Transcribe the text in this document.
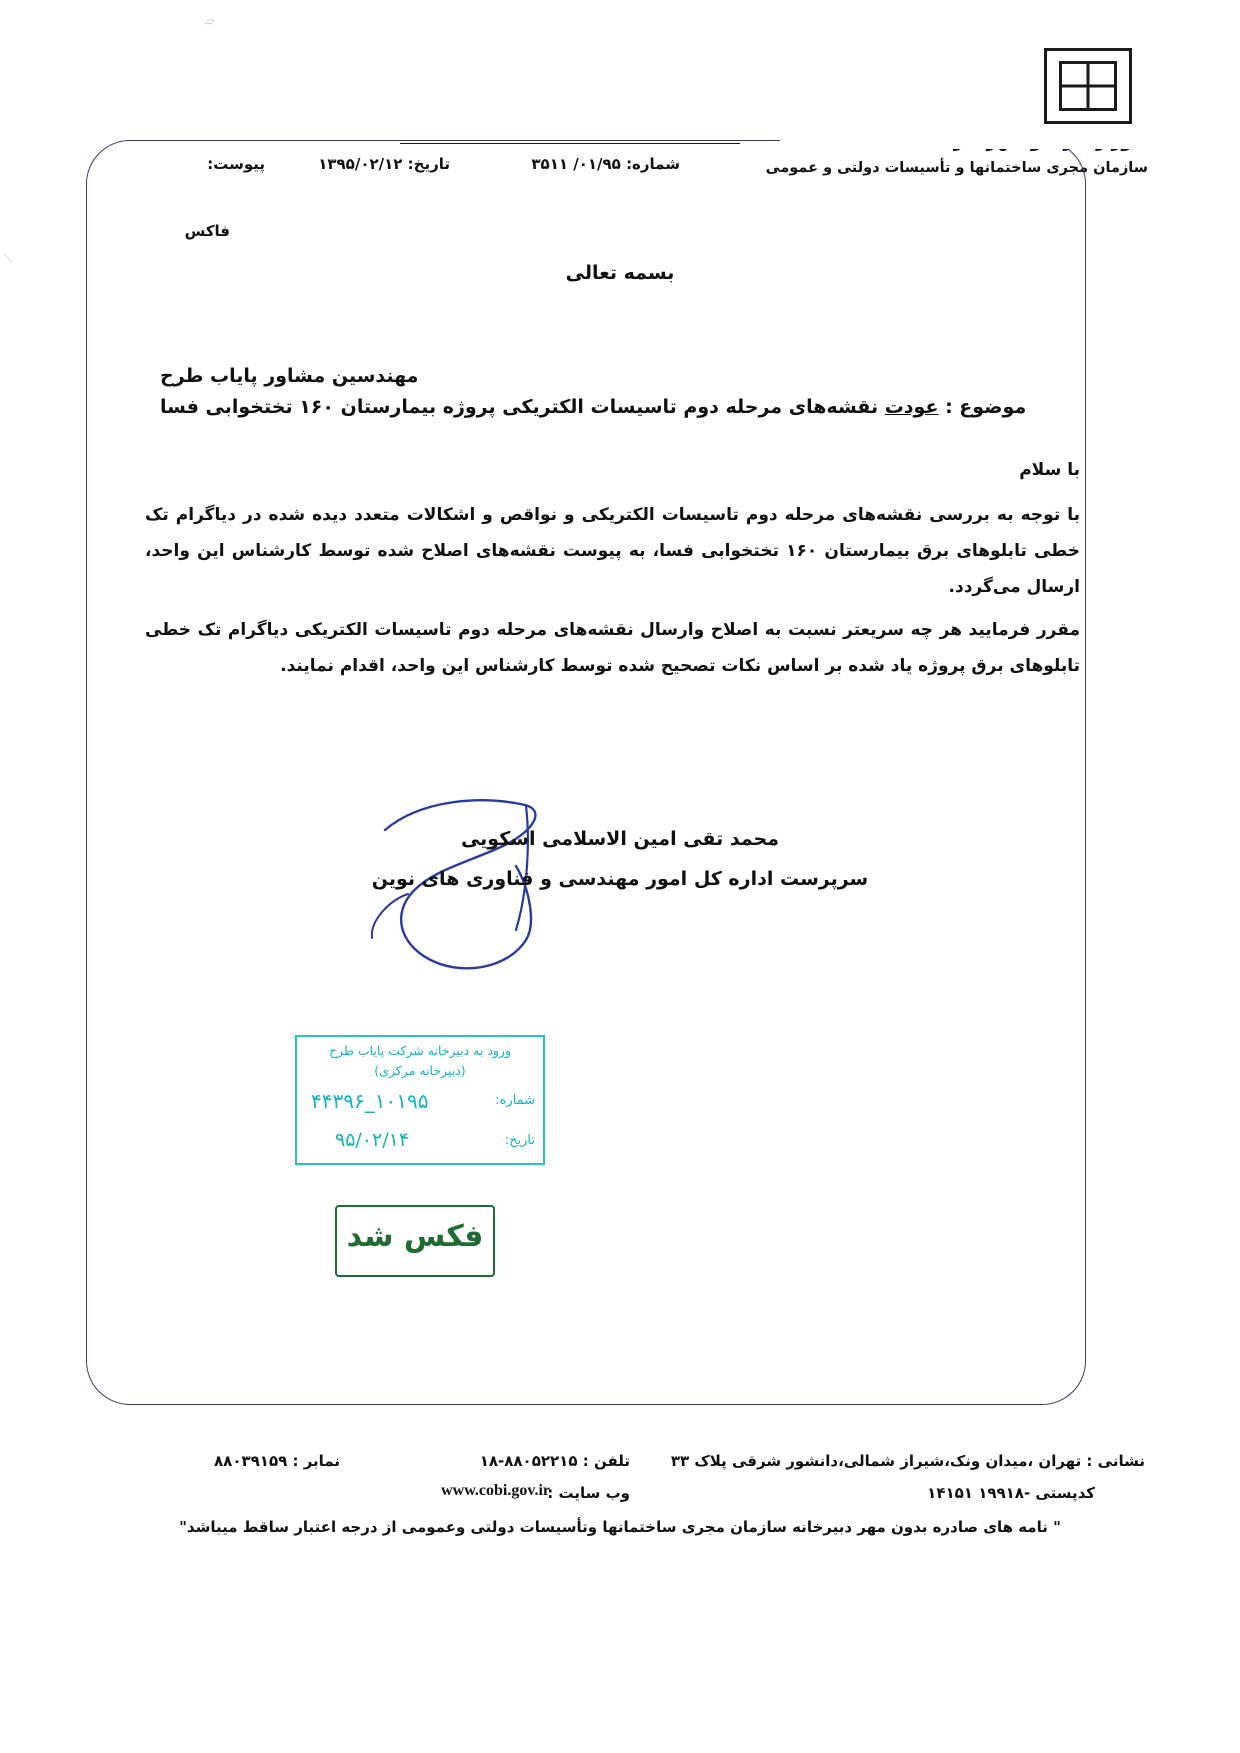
سازمان مجری ساختمانها و تأسیسات دولتی و عمومی
شماره: ۰۱/۹۵/ ۳۵۱۱
تاریخ: ۱۳۹۵/۰۲/۱۲
پیوست:
فاکس
بسمه تعالی
مهندسین مشاور پایاب طرح
موضوع : عودت نقشه‌های مرحله دوم تاسیسات الکتریکی پروژه بیمارستان ۱۶۰ تختخوابی فسا
با سلام
با توجه به بررسی نقشه‌های مرحله دوم تاسیسات الکتریکی و نواقص و اشکالات متعدد دیده شده در دیاگرام تک خطی تابلوهای برق بیمارستان ۱۶۰ تختخوابی فسا، به پیوست نقشه‌های اصلاح شده توسط کارشناس این واحد، ارسال می‌گردد.
مقرر فرمایید هر چه سریعتر نسبت به اصلاح وارسال نقشه‌های مرحله دوم تاسیسات الکتریکی دیاگرام تک خطی تابلوهای برق پروژه یاد شده بر اساس نکات تصحیح شده توسط کارشناس این واحد، اقدام نمایند.
محمد تقی امین الاسلامی اسکویی
سرپرست اداره کل امور مهندسی و فناوری های نوین
ورود به دبیرخانه شرکت پایاب طرح
(دبیرخانه مرکزی)
شماره:
۱۰۱۹۵_۴۴۳۹۶
تاریخ:
۹۵/۰۲/۱۴
فکس شد
نشانی : تهران ،میدان ونک،شیراز شمالی،دانشور شرقی پلاک ۳۳
کدپستی -۱۹۹۱۸ ۱۴۱۵۱
تلفن : ۸۸۰۵۲۲۱۵-۱۸
وب سایت :
www.cobi.gov.ir
نمابر : ۸۸۰۳۹۱۵۹
" نامه های صادره بدون مهر دبیرخانه سازمان مجری ساختمانها وتأسیسات دولتی وعمومی از درجه اعتبار ساقط میباشد"
▱
⟋
